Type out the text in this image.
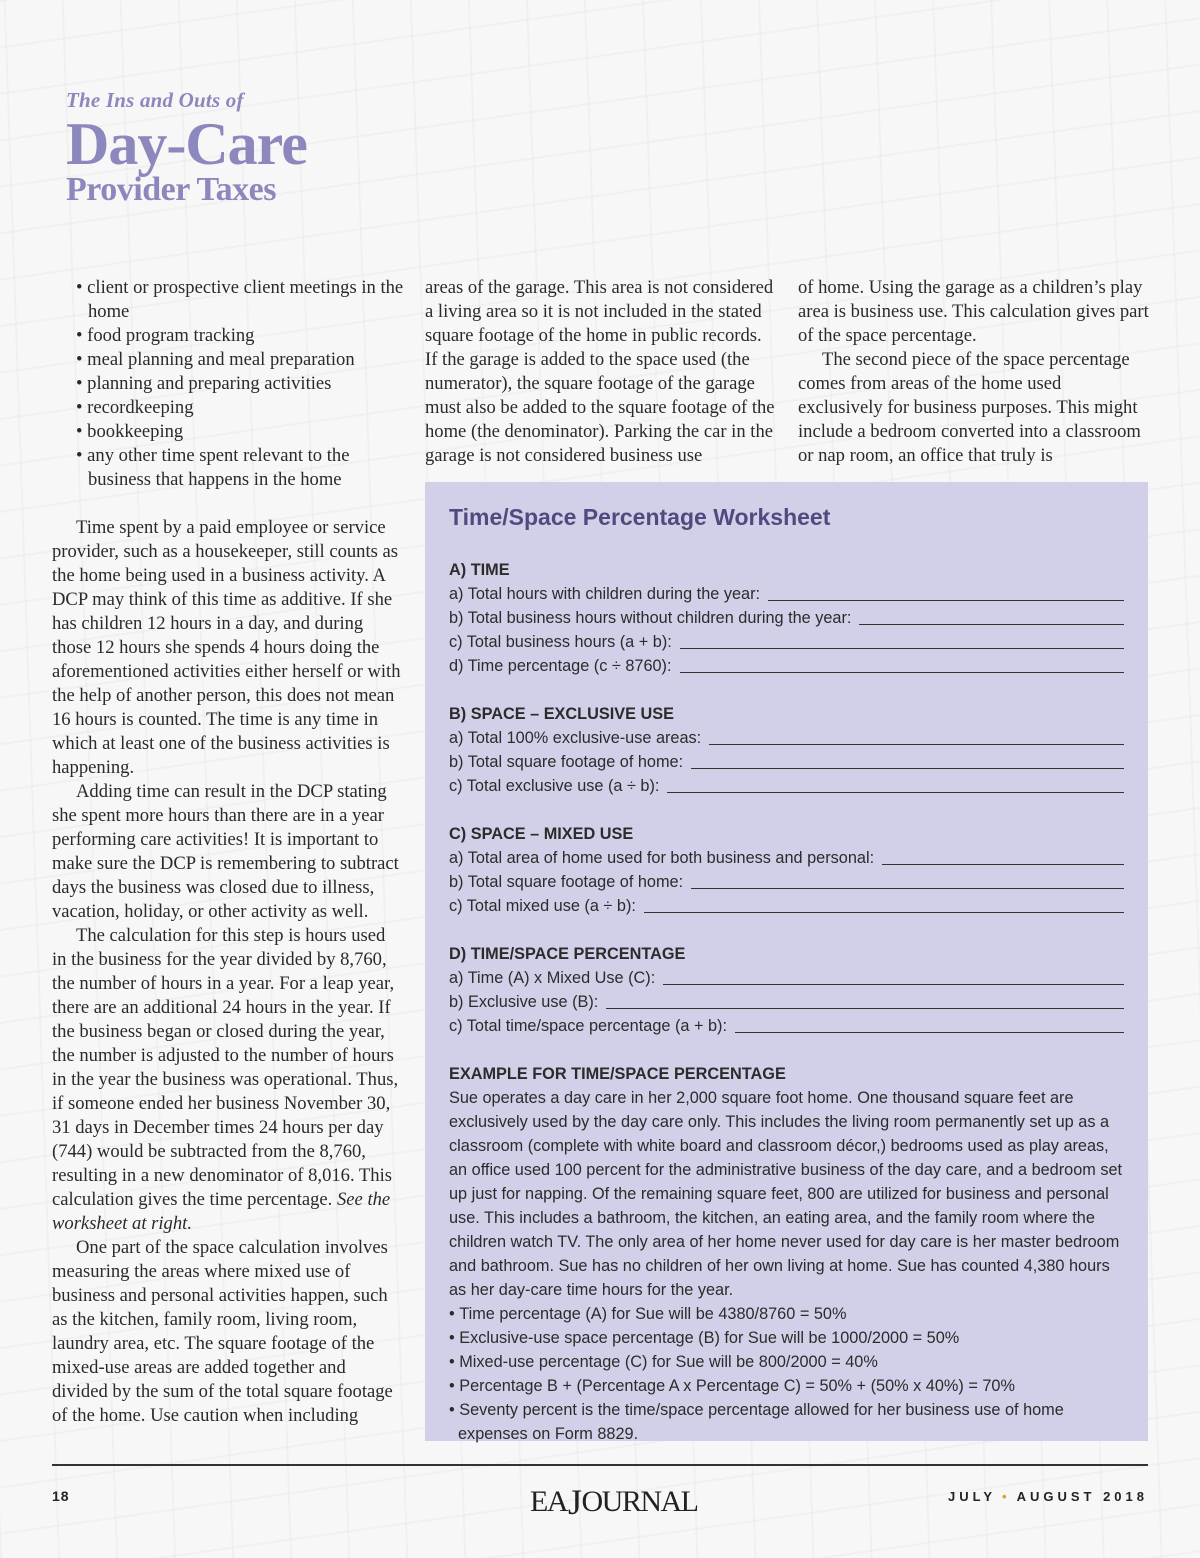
The Ins and Outs of
Day-Care
Provider Taxes
• client or prospective client meetings in the home
• food program tracking
• meal planning and meal preparation
• planning and preparing activities
• recordkeeping
• bookkeeping
• any other time spent relevant to the business that happens in the home

Time spent by a paid employee or service provider, such as a housekeeper, still counts as the home being used in a business activity. A DCP may think of this time as additive. If she has children 12 hours in a day, and during those 12 hours she spends 4 hours doing the aforementioned activities either herself or with the help of another person, this does not mean 16 hours is counted. The time is any time in which at least one of the business activities is happening.

Adding time can result in the DCP stating she spent more hours than there are in a year performing care activities! It is important to make sure the DCP is remembering to subtract days the business was closed due to illness, vacation, holiday, or other activity as well.

The calculation for this step is hours used in the business for the year divided by 8,760, the number of hours in a year. For a leap year, there are an additional 24 hours in the year. If the business began or closed during the year, the number is adjusted to the number of hours in the year the business was operational. Thus, if someone ended her business November 30, 31 days in December times 24 hours per day (744) would be subtracted from the 8,760, resulting in a new denominator of 8,016. This calculation gives the time percentage. See the worksheet at right.

One part of the space calculation involves measuring the areas where mixed use of business and personal activities happen, such as the kitchen, family room, living room, laundry area, etc. The square footage of the mixed-use areas are added together and divided by the sum of the total square footage of the home. Use caution when including

areas of the garage. This area is not considered a living area so it is not included in the stated square footage of the home in public records. If the garage is added to the space used (the numerator), the square footage of the garage must also be added to the square footage of the home (the denominator). Parking the car in the garage is not considered business use

of home. Using the garage as a children’s play area is business use. This calculation gives part of the space percentage.

The second piece of the space percentage comes from areas of the home used exclusively for business purposes. This might include a bedroom converted into a classroom or nap room, an office that truly is

Time/Space Percentage Worksheet
A) TIME
a) Total hours with children during the year:
b) Total business hours without children during the year:
c) Total business hours (a + b):
d) Time percentage (c ÷ 8760):
B) SPACE – EXCLUSIVE USE
a) Total 100% exclusive-use areas:
b) Total square footage of home:
c) Total exclusive use (a ÷ b):
C) SPACE – MIXED USE
a) Total area of home used for both business and personal:
b) Total square footage of home:
c) Total mixed use (a ÷ b):
D) TIME/SPACE PERCENTAGE
a) Time (A) x Mixed Use (C):
b) Exclusive use (B):
c) Total time/space percentage (a + b):
EXAMPLE FOR TIME/SPACE PERCENTAGE

Sue operates a day care in her 2,000 square foot home. One thousand square feet are exclusively used by the day care only. This includes the living room permanently set up as a classroom (complete with white board and classroom décor,) bedrooms used as play areas, an office used 100 percent for the administrative business of the day care, and a bedroom set up just for napping. Of the remaining square feet, 800 are utilized for business and personal use. This includes a bathroom, the kitchen, an eating area, and the family room where the children watch TV. The only area of her home never used for day care is her master bedroom and bathroom. Sue has no children of her own living at home. Sue has counted 4,380 hours as her day-care time hours for the year.

• Time percentage (A) for Sue will be 4380/8760 = 50%
• Exclusive-use space percentage (B) for Sue will be 1000/2000 = 50%
• Mixed-use percentage (C) for Sue will be 800/2000 = 40%
• Percentage B + (Percentage A x Percentage C) = 50% + (50% x 40%) = 70%
• Seventy percent is the time/space percentage allowed for her business use of home expenses on Form 8829.
18	EAJOURNAL	JULY • AUGUST 2018
